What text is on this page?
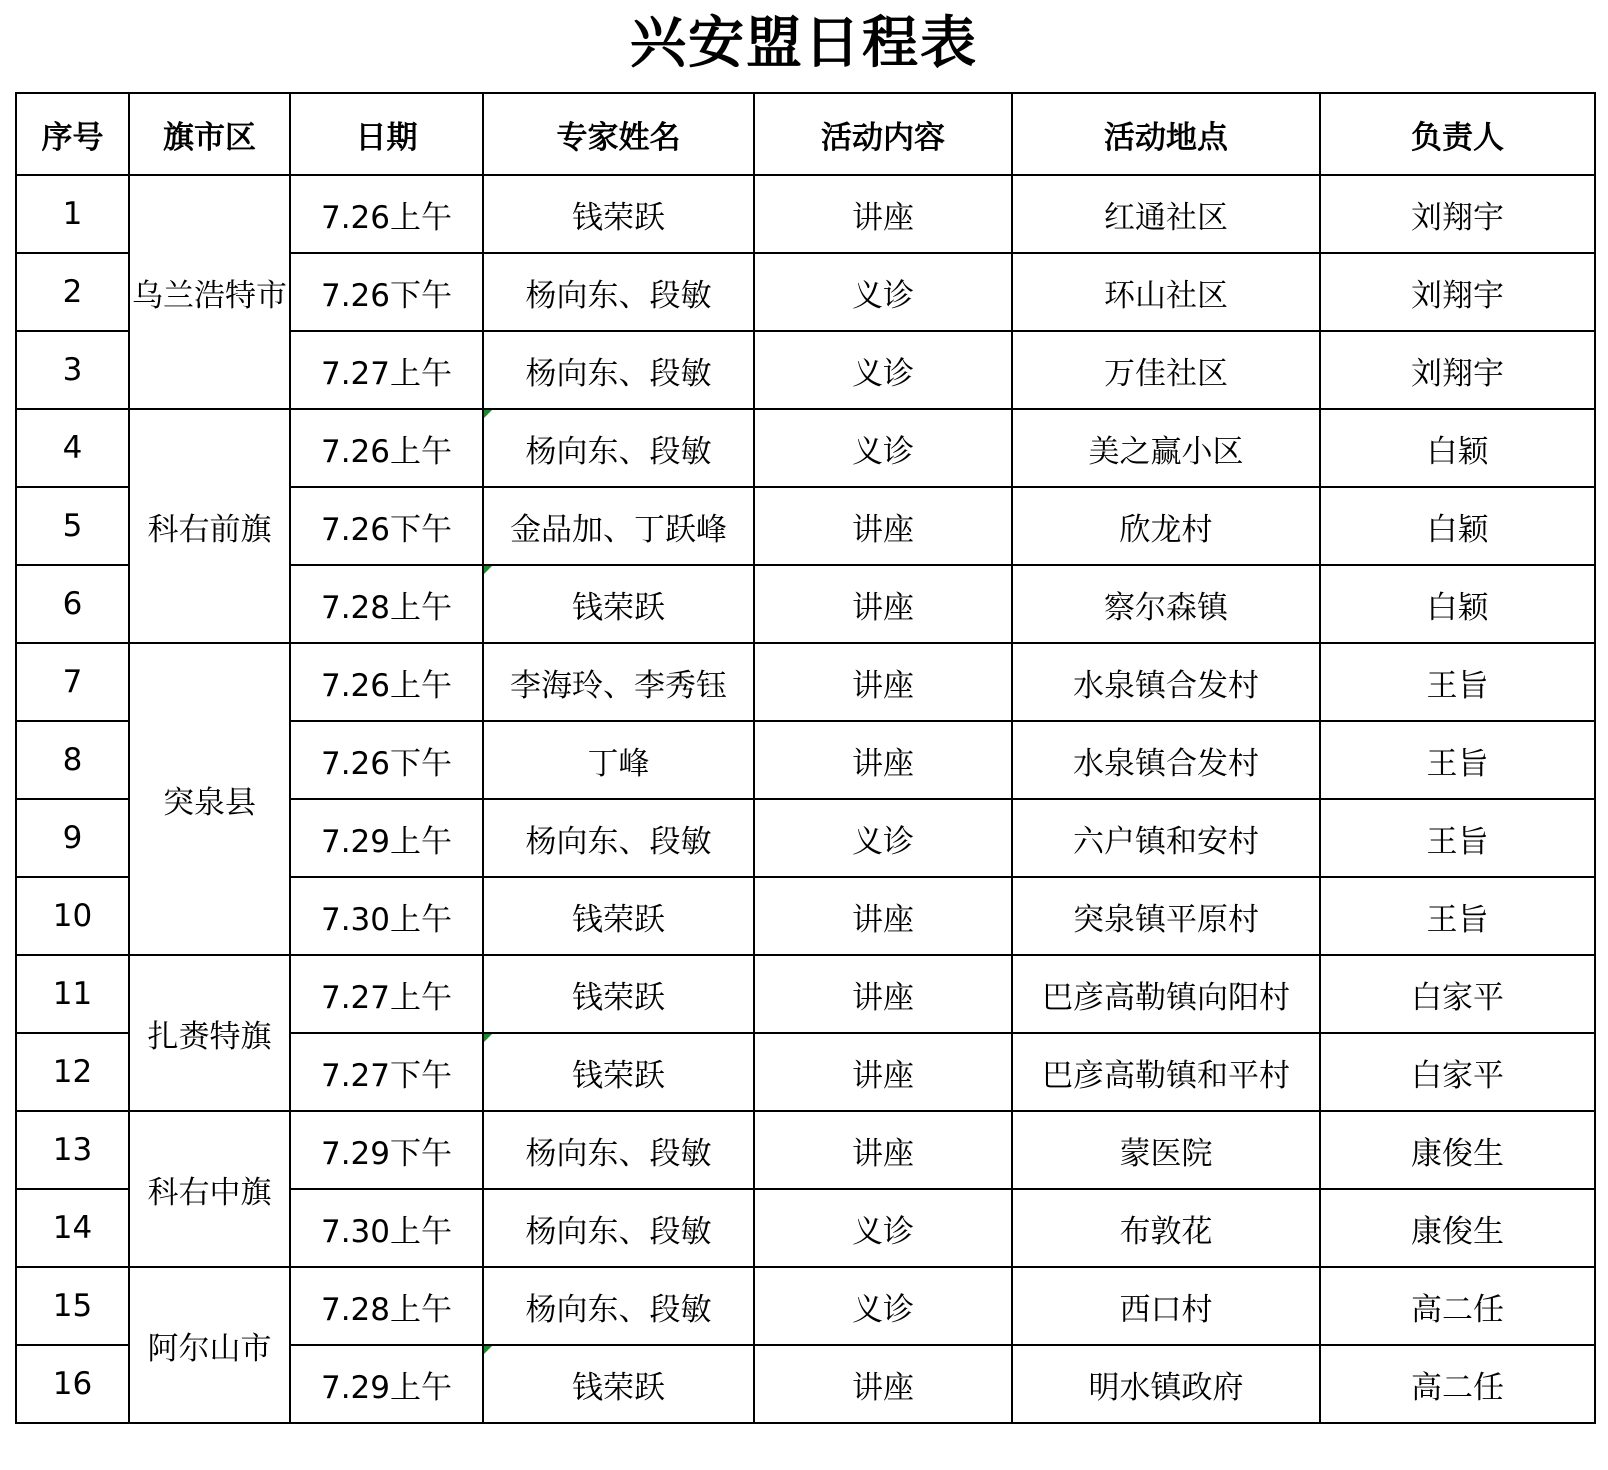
兴安盟日程表
序号	旗市区	日期	专家姓名	活动内容	活动地点	负责人
1	乌兰浩特市	7.26上午	钱荣跃	讲座	红通社区	刘翔宇
2		7.26下午	杨向东、段敏	义诊	环山社区	刘翔宇
3		7.27上午	杨向东、段敏	义诊	万佳社区	刘翔宇
4	科右前旗	7.26上午	杨向东、段敏	义诊	美之赢小区	白颖
5		7.26下午	金品加、丁跃峰	讲座	欣龙村	白颖
6		7.28上午	钱荣跃	讲座	察尔森镇	白颖
7	突泉县	7.26上午	李海玲、李秀钰	讲座	水泉镇合发村	王旨
8		7.26下午	丁峰	讲座	水泉镇合发村	王旨
9		7.29上午	杨向东、段敏	义诊	六户镇和安村	王旨
10		7.30上午	钱荣跃	讲座	突泉镇平原村	王旨
11	扎赉特旗	7.27上午	钱荣跃	讲座	巴彦高勒镇向阳村	白家平
12		7.27下午	钱荣跃	讲座	巴彦高勒镇和平村	白家平
13	科右中旗	7.29下午	杨向东、段敏	讲座	蒙医院	康俊生
14		7.30上午	杨向东、段敏	义诊	布敦花	康俊生
15	阿尔山市	7.28上午	杨向东、段敏	义诊	西口村	高二任
16		7.29上午	钱荣跃	讲座	明水镇政府	高二任
